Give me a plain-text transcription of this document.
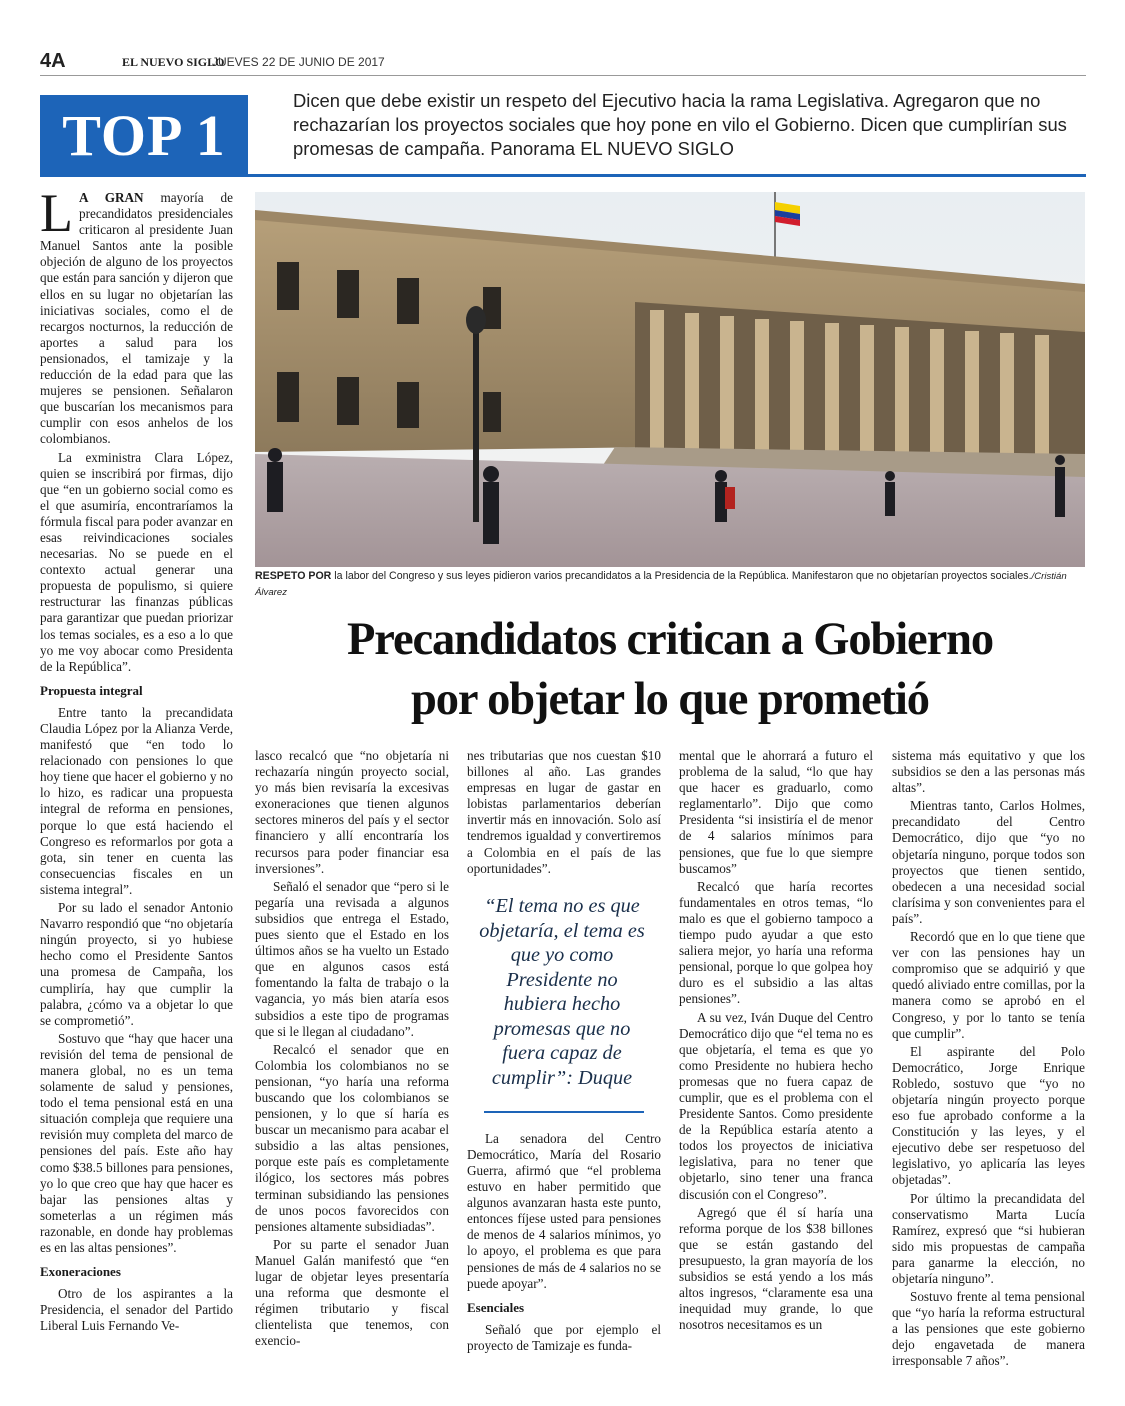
4A	EL NUEVO SIGLO
JUEVES 22 DE JUNIO DE 2017
TOP 1
Dicen que debe existir un respeto del Ejecutivo hacia la rama Legislativa. Agregaron que no rechazarían los proyectos sociales que hoy pone en vilo el Gobierno. Dicen que cumplirían sus promesas de campaña. Panorama EL NUEVO SIGLO
RESPETO POR la labor del Congreso y sus leyes pidieron varios precandidatos a la Presidencia de la República. Manifestaron que no objetarían proyectos sociales./Cristián Álvarez
Precandidatos critican a Gobierno
por objetar lo que prometió

L A GRAN mayoría de precandidatos presidenciales criticaron al presidente Juan Manuel Santos ante la posible objeción de alguno de los proyectos que están para sanción y dijeron que ellos en su lugar no objetarían las iniciativas sociales, como el de recargos nocturnos, la reducción de aportes a salud para los pensionados, el tamizaje y la reducción de la edad para que las mujeres se pensionen. Señalaron que buscarían los mecanismos para cumplir con esos anhelos de los colombianos.

La exministra Clara López, quien se inscribirá por firmas, dijo que “en un gobierno social como es el que asumiría, encontraríamos la fórmula fiscal para poder avanzar en esas reivindicaciones sociales necesarias. No se puede en el contexto actual generar una propuesta de populismo, si quiere restructurar las finanzas públicas para garantizar que puedan priorizar los temas sociales, es a eso a lo que yo me voy abocar como Presidenta de la República”.

Propuesta integral

Entre tanto la precandidata Claudia López por la Alianza Verde, manifestó que “en todo lo relacionado con pensiones lo que hoy tiene que hacer el gobierno y no lo hizo, es radicar una propuesta integral de reforma en pensiones, porque lo que está haciendo el Congreso es reformarlos por gota a gota, sin tener en cuenta las consecuencias fiscales en un sistema integral”.

Por su lado el senador Antonio Navarro respondió que “no objetaría ningún proyecto, si yo hubiese hecho como el Presidente Santos una promesa de Campaña, los cumpliría, hay que cumplir la palabra, ¿cómo va a objetar lo que se comprometió”.

Sostuvo que “hay que hacer una revisión del tema de pensional de manera global, no es un tema solamente de salud y pensiones, todo el tema pensional está en una situación compleja que requiere una revisión muy completa del marco de pensiones del país. Este año hay como $38.5 billones para pensiones, yo lo que creo que hay que hacer es bajar las pensiones altas y someterlas a un régimen más razonable, en donde hay problemas es en las altas pensiones”.

Exoneraciones

Otro de los aspirantes a la Presidencia, el senador del Partido Liberal Luis Fernando Ve-

lasco recalcó que “no objetaría ni rechazaría ningún proyecto social, yo más bien revisaría la excesivas exoneraciones que tienen algunos sectores mineros del país y el sector financiero y allí encontraría los recursos para poder financiar esa inversiones”.

Señaló el senador que “pero si le pegaría una revisada a algunos subsidios que entrega el Estado, pues siento que el Estado en los últimos años se ha vuelto un Estado que en algunos casos está fomentando la falta de trabajo o la vagancia, yo más bien ataría esos subsidios a este tipo de programas que si le llegan al ciudadano”.

Recalcó el senador que en Colombia los colombianos no se pensionan, “yo haría una reforma buscando que los colombianos se pensionen, y lo que sí haría es buscar un mecanismo para acabar el subsidio a las altas pensiones, porque este país es completamente ilógico, los sectores más pobres terminan subsidiando las pensiones de unos pocos favorecidos con pensiones altamente subsidiadas”.

Por su parte el senador Juan Manuel Galán manifestó que “en lugar de objetar leyes presentaría una reforma que desmonte el régimen tributario y fiscal clientelista que tenemos, con exencio-

nes tributarias que nos cuestan $10 billones al año. Las grandes empresas en lugar de gastar en lobistas parlamentarios deberían invertir más en innovación. Solo así tendremos igualdad y convertiremos a Colombia en el país de las oportunidades”.

La senadora del Centro Democrático, María del Rosario Guerra, afirmó que “el problema estuvo en haber permitido que algunos avanzaran hasta este punto, entonces fíjese usted para pensiones de menos de 4 salarios mínimos, yo lo apoyo, el problema es que para pensiones de más de 4 salarios no se puede apoyar”.

Esenciales

Señaló que por ejemplo el proyecto de Tamizaje es funda-

“El tema no es que objetaría, el tema es que yo como Presidente no hubiera hecho promesas que no fuera capaz de cumplir”: Duque

mental que le ahorrará a futuro el problema de la salud, “lo que hay que hacer es graduarlo, como reglamentarlo”. Dijo que como Presidenta “si insistiría el de menor de 4 salarios mínimos para pensiones, que fue lo que siempre buscamos”

Recalcó que haría recortes fundamentales en otros temas, “lo malo es que el gobierno tampoco a tiempo pudo ayudar a que esto saliera mejor, yo haría una reforma pensional, porque lo que golpea hoy duro es el subsidio a las altas pensiones”.

A su vez, Iván Duque del Centro Democrático dijo que “el tema no es que objetaría, el tema es que yo como Presidente no hubiera hecho promesas que no fuera capaz de cumplir, que es el problema con el Presidente Santos. Como presidente de la República estaría atento a todos los proyectos de iniciativa legislativa, para no tener que objetarlo, sino tener una franca discusión con el Congreso”.

Agregó que él sí haría una reforma porque de los $38 billones que se están gastando del presupuesto, la gran mayoría de los subsidios se está yendo a los más altos ingresos, “claramente esa una inequidad muy grande, lo que nosotros necesitamos es un

sistema más equitativo y que los subsidios se den a las personas más altas”.

Mientras tanto, Carlos Holmes, precandidato del Centro Democrático, dijo que “yo no objetaría ninguno, porque todos son proyectos que tienen sentido, obedecen a una necesidad social clarísima y son convenientes para el país”.

Recordó que en lo que tiene que ver con las pensiones hay un compromiso que se adquirió y que quedó aliviado entre comillas, por la manera como se aprobó en el Congreso, y por lo tanto se tenía que cumplir”.

El aspirante del Polo Democrático, Jorge Enrique Robledo, sostuvo que “yo no objetaría ningún proyecto porque eso fue aprobado conforme a la Constitución y las leyes, y el ejecutivo debe ser respetuoso del legislativo, yo aplicaría las leyes objetadas”.

Por último la precandidata del conservatismo Marta Lucía Ramírez, expresó que “si hubieran sido mis propuestas de campaña para ganarme la elección, no objetaría ninguno”.

Sostuvo frente al tema pensional que “yo haría la reforma estructural a las pensiones que este gobierno dejo engavetada de manera irresponsable 7 años”.
